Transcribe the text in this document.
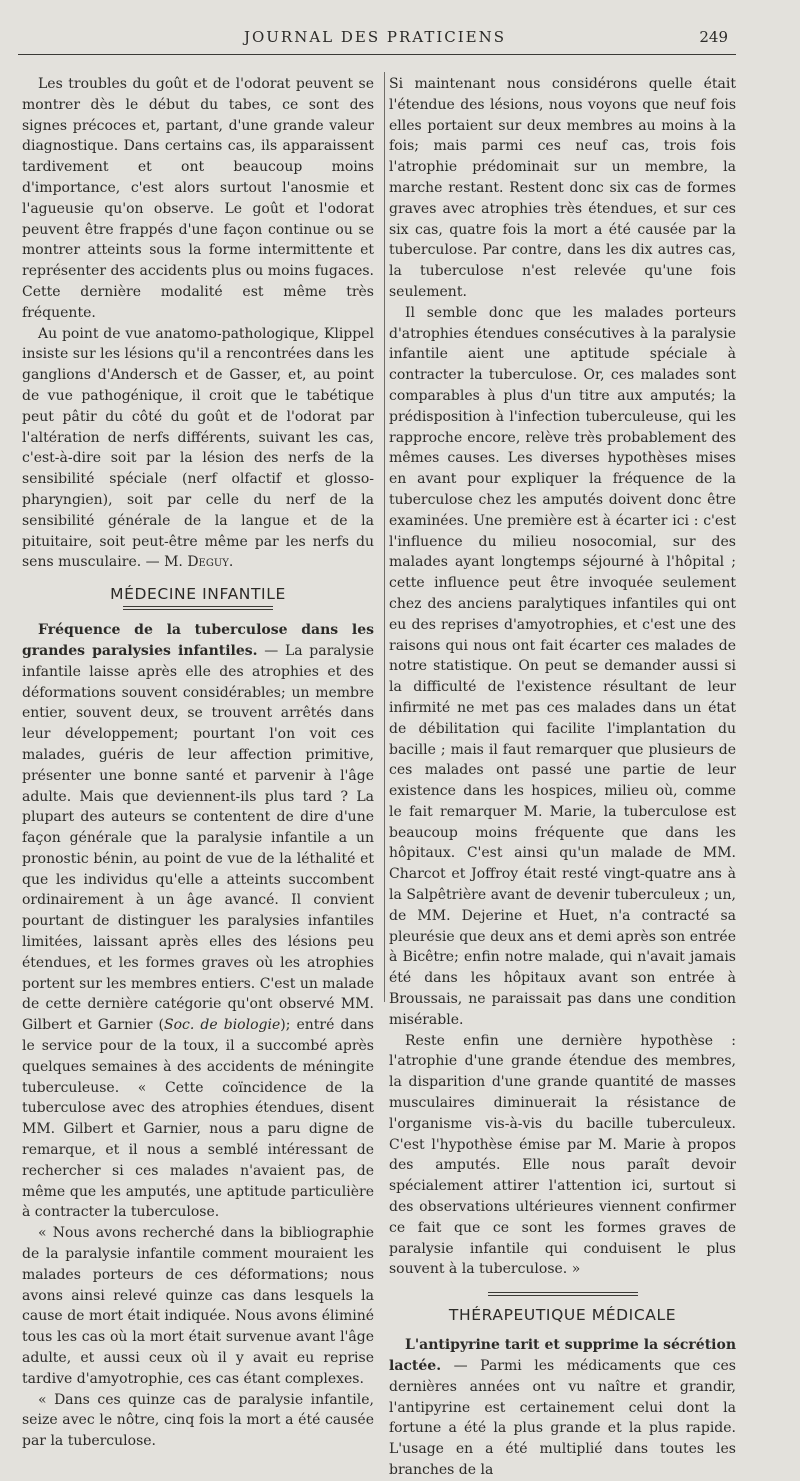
JOURNAL DES PRATICIENS	249

Les troubles du goût et de l'odorat peuvent se montrer dès le début du tabes, ce sont des signes précoces et, partant, d'une grande valeur diagnostique. Dans certains cas, ils apparaissent tardivement et ont beaucoup moins d'importance, c'est alors surtout l'anosmie et l'agueusie qu'on observe. Le goût et l'odorat peuvent être frappés d'une façon continue ou se montrer atteints sous la forme intermittente et représenter des accidents plus ou moins fugaces. Cette dernière modalité est même très fréquente.

Au point de vue anatomo-pathologique, Klippel insiste sur les lésions qu'il a rencontrées dans les ganglions d'Andersch et de Gasser, et, au point de vue pathogénique, il croit que le tabétique peut pâtir du côté du goût et de l'odorat par l'altération de nerfs différents, suivant les cas, c'est-à-dire soit par la lésion des nerfs de la sensibilité spéciale (nerf olfactif et glosso-pharyngien), soit par celle du nerf de la sensibilité générale de la langue et de la pituitaire, soit peut-être même par les nerfs du sens musculaire. — M. Deguy.

MÉDECINE INFANTILE

Fréquence de la tuberculose dans les grandes paralysies infantiles. — La paralysie infantile laisse après elle des atrophies et des déformations souvent considérables; un membre entier, souvent deux, se trouvent arrêtés dans leur développement; pourtant l'on voit ces malades, guéris de leur affection primitive, présenter une bonne santé et parvenir à l'âge adulte. Mais que deviennent-ils plus tard ? La plupart des auteurs se contentent de dire d'une façon générale que la paralysie infantile a un pronostic bénin, au point de vue de la léthalité et que les individus qu'elle a atteints succombent ordinairement à un âge avancé. Il convient pourtant de distinguer les paralysies infantiles limitées, laissant après elles des lésions peu étendues, et les formes graves où les atrophies portent sur les membres entiers. C'est un malade de cette dernière catégorie qu'ont observé MM. Gilbert et Garnier (Soc. de biologie); entré dans le service pour de la toux, il a succombé après quelques semaines à des accidents de méningite tuberculeuse. « Cette coïncidence de la tuberculose avec des atrophies étendues, disent MM. Gilbert et Garnier, nous a paru digne de remarque, et il nous a semblé intéressant de rechercher si ces malades n'avaient pas, de même que les amputés, une aptitude particulière à contracter la tuberculose.

« Nous avons recherché dans la bibliographie de la paralysie infantile comment mouraient les malades porteurs de ces déformations; nous avons ainsi relevé quinze cas dans lesquels la cause de mort était indiquée. Nous avons éliminé tous les cas où la mort était survenue avant l'âge adulte, et aussi ceux où il y avait eu reprise tardive d'amyotrophie, ces cas étant complexes.

« Dans ces quinze cas de paralysie infantile, seize avec le nôtre, cinq fois la mort a été causée par la tuberculose.

Si maintenant nous considérons quelle était l'étendue des lésions, nous voyons que neuf fois elles portaient sur deux membres au moins à la fois; mais parmi ces neuf cas, trois fois l'atrophie prédominait sur un membre, la marche restant. Restent donc six cas de formes graves avec atrophies très étendues, et sur ces six cas, quatre fois la mort a été causée par la tuberculose. Par contre, dans les dix autres cas, la tuberculose n'est relevée qu'une fois seulement.

Il semble donc que les malades porteurs d'atrophies étendues consécutives à la paralysie infantile aient une aptitude spéciale à contracter la tuberculose. Or, ces malades sont comparables à plus d'un titre aux amputés; la prédisposition à l'infection tuberculeuse, qui les rapproche encore, relève très probablement des mêmes causes. Les diverses hypothèses mises en avant pour expliquer la fréquence de la tuberculose chez les amputés doivent donc être examinées. Une première est à écarter ici : c'est l'influence du milieu nosocomial, sur des malades ayant longtemps séjourné à l'hôpital ; cette influence peut être invoquée seulement chez des anciens paralytiques infantiles qui ont eu des reprises d'amyotrophies, et c'est une des raisons qui nous ont fait écarter ces malades de notre statistique. On peut se demander aussi si la difficulté de l'existence résultant de leur infirmité ne met pas ces malades dans un état de débilitation qui facilite l'implantation du bacille ; mais il faut remarquer que plusieurs de ces malades ont passé une partie de leur existence dans les hospices, milieu où, comme le fait remarquer M. Marie, la tuberculose est beaucoup moins fréquente que dans les hôpitaux. C'est ainsi qu'un malade de MM. Charcot et Joffroy était resté vingt-quatre ans à la Salpêtrière avant de devenir tuberculeux ; un, de MM. Dejerine et Huet, n'a contracté sa pleurésie que deux ans et demi après son entrée à Bicêtre; enfin notre malade, qui n'avait jamais été dans les hôpitaux avant son entrée à Broussais, ne paraissait pas dans une condition misérable.

Reste enfin une dernière hypothèse : l'atrophie d'une grande étendue des membres, la disparition d'une grande quantité de masses musculaires diminuerait la résistance de l'organisme vis-à-vis du bacille tuberculeux. C'est l'hypothèse émise par M. Marie à propos des amputés. Elle nous paraît devoir spécialement attirer l'attention ici, surtout si des observations ultérieures viennent confirmer ce fait que ce sont les formes graves de paralysie infantile qui conduisent le plus souvent à la tuberculose. »

THÉRAPEUTIQUE MÉDICALE

L'antipyrine tarit et supprime la sécrétion lactée. — Parmi les médicaments que ces dernières années ont vu naître et grandir, l'antipyrine est certainement celui dont la fortune a été la plus grande et la plus rapide. L'usage en a été multiplié dans toutes les branches de la
